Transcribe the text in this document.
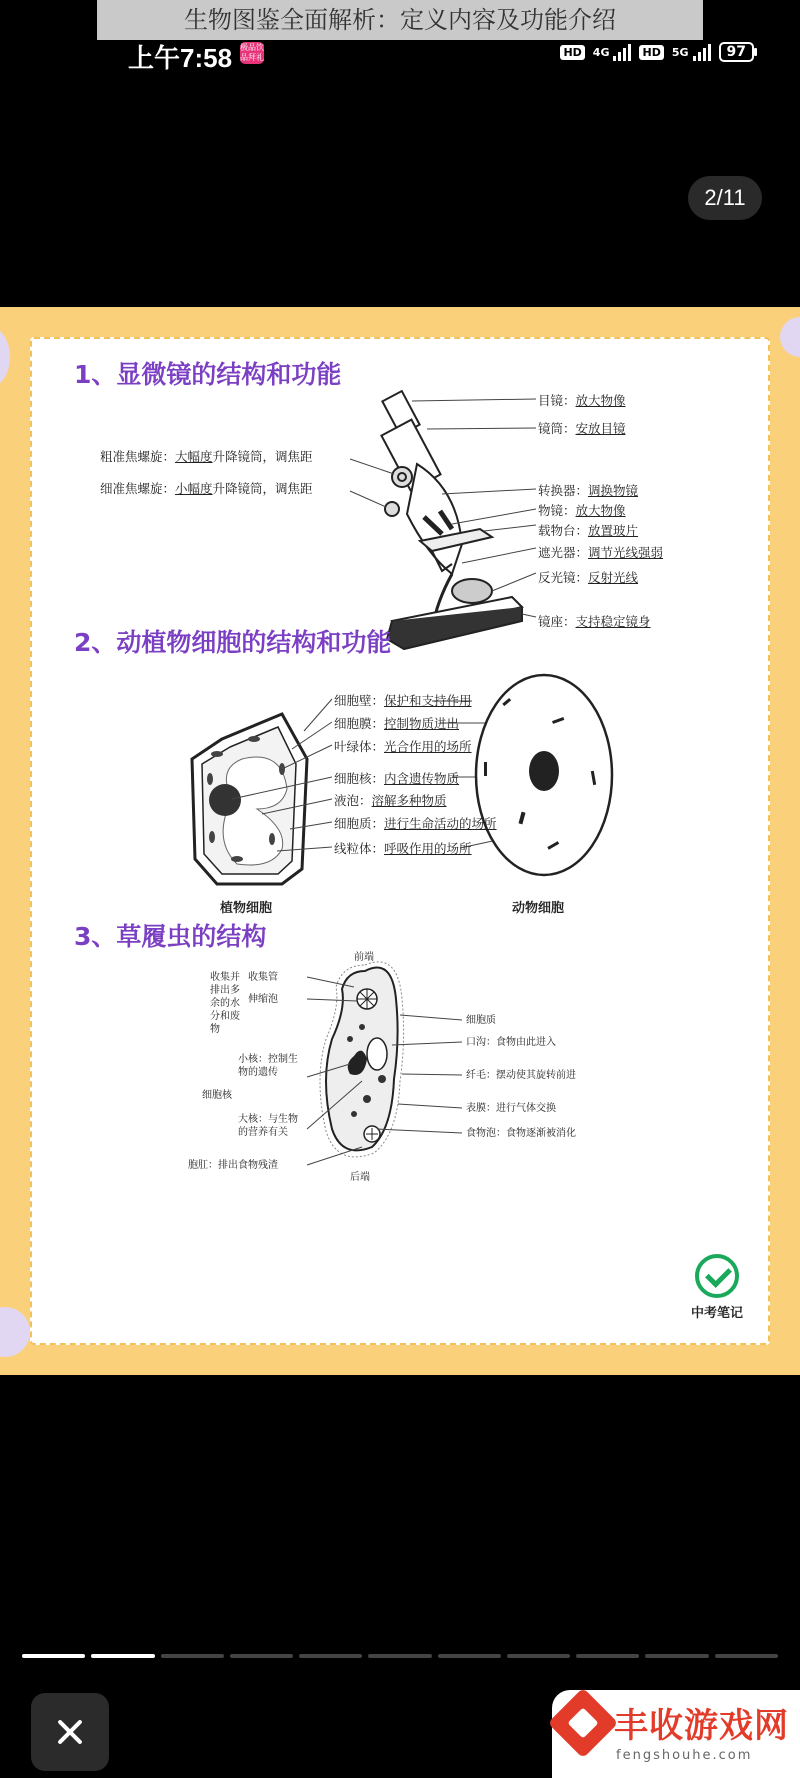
生物图鉴全面解析：定义内容及功能介绍
上午7:58 极品饮品拜礼	HD 4G	HD 5G	97
2/11
1、显微镜的结构和功能
粗准焦螺旋：大幅度升降镜筒，调焦距
细准焦螺旋：小幅度升降镜筒，调焦距
目镜：放大物像
镜筒：安放目镜
转换器：调换物镜
物镜：放大物像
载物台：放置玻片
遮光器：调节光线强弱
反光镜：反射光线
镜座：支持稳定镜身
2、动植物细胞的结构和功能
细胞壁：保护和支持作用
细胞膜：控制物质进出
叶绿体：光合作用的场所
细胞核：内含遗传物质
液泡：溶解多种物质
细胞质：进行生命活动的场所
线粒体：呼吸作用的场所
植物细胞	动物细胞
3、草履虫的结构
前端
后端
收集并排出多余的水分和废物
收集管
伸缩泡
细胞核
小核：控制生物的遗传
大核：与生物的营养有关
胞肛：排出食物残渣
细胞质
口沟：食物由此进入
纤毛：摆动使其旋转前进
表膜：进行气体交换
食物泡：食物逐渐被消化
中考笔记
丰收游戏网
fengshouhe.com
